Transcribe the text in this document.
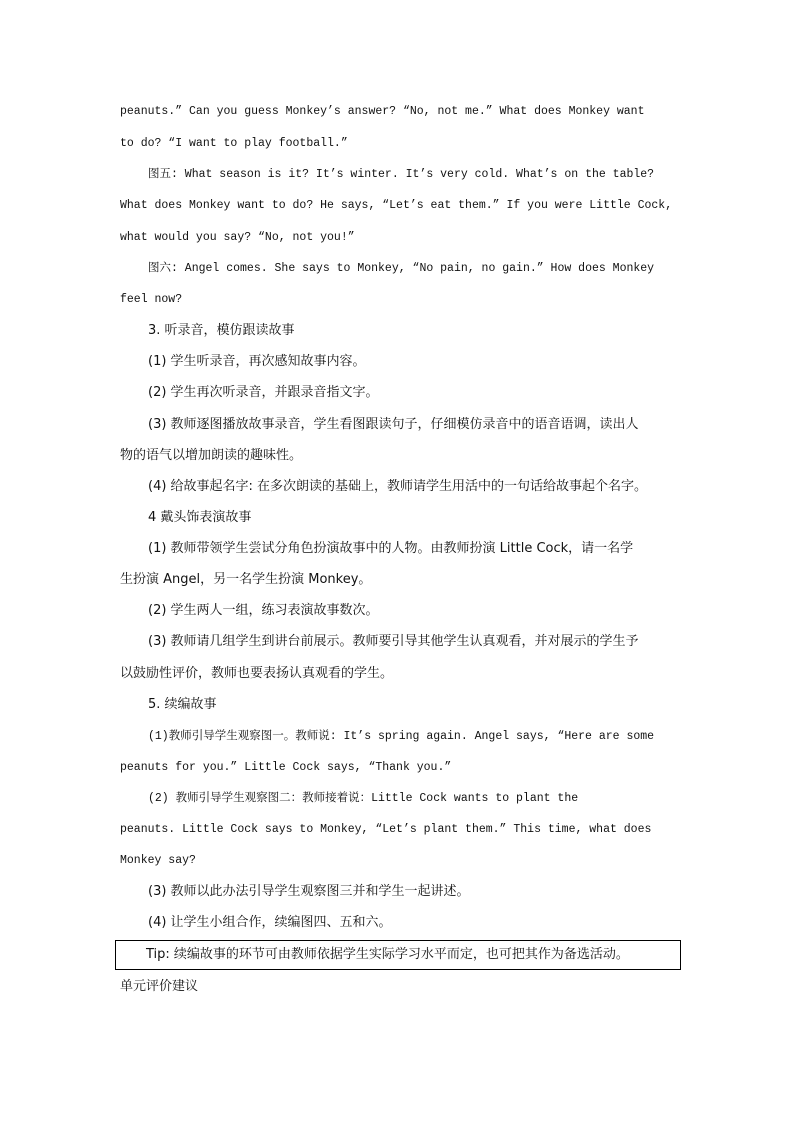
peanuts.” Can you guess Monkey’s answer? “No, not me.” What does Monkey want
to do? “I want to play football.”
图五: What season is it? It’s winter. It’s very cold. What’s on the table?
What does Monkey want to do? He says, “Let’s eat them.” If you were Little Cock,
what would you say? “No, not you!”
图六: Angel comes. She says to Monkey, “No pain, no gain.” How does Monkey
feel now?
3. 听录音，模仿跟读故事
(1) 学生听录音，再次感知故事内容。
(2) 学生再次听录音，并跟录音指文字。
(3) 教师逐图播放故事录音，学生看图跟读句子，仔细模仿录音中的语音语调，读出人
物的语气以增加朗读的趣味性。
(4) 给故事起名字: 在多次朗读的基础上，教师请学生用活中的一句话给故事起个名字。
4 戴头饰表演故事
(1) 教师带领学生尝试分角色扮演故事中的人物。由教师扮演 Little Cock，请一名学
生扮演 Angel，另一名学生扮演 Monkey。
(2) 学生两人一组，练习表演故事数次。
(3) 教师请几组学生到讲台前展示。教师要引导其他学生认真观看，并对展示的学生予
以鼓励性评价，教师也要表扬认真观看的学生。
5. 续编故事
(1)教师引导学生观察图一。教师说: It’s spring again. Angel says, “Here are some
peanuts for you.” Little Cock says, “Thank you.”
(2) 教师引导学生观察图二：教师接着说：Little Cock wants to plant the
peanuts. Little Cock says to Monkey, “Let’s plant them.” This time, what does
Monkey say?
(3) 教师以此办法引导学生观察图三并和学生一起讲述。
(4) 让学生小组合作，续编图四、五和六。
Tip: 续编故事的环节可由教师依据学生实际学习水平而定，也可把其作为备选活动。
单元评价建议
